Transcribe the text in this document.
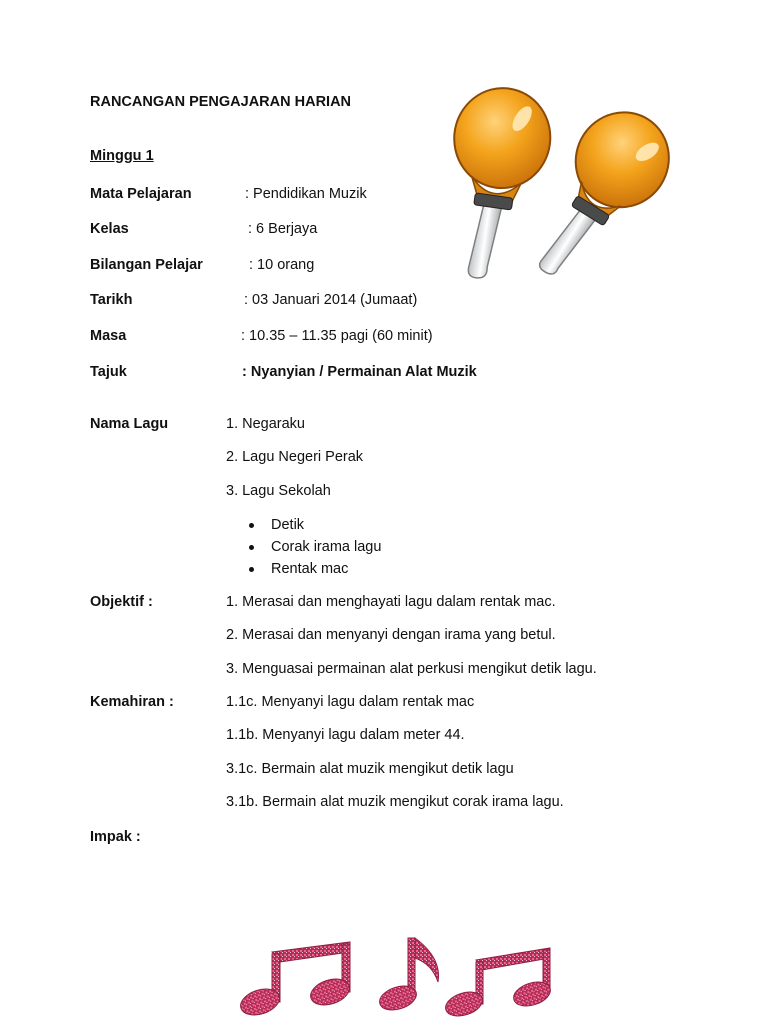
RANCANGAN PENGAJARAN HARIAN
Minggu 1
Mata Pelajaran	: Pendidikan Muzik
Kelas	: 6 Berjaya
Bilangan Pelajar	: 10 orang
Tarikh	: 03 Januari 2014 (Jumaat)
Masa	: 10.35 – 11.35 pagi (60 minit)
Tajuk	: Nyanyian / Permainan Alat Muzik
Nama Lagu	1. Negaraku
2. Lagu Negeri Perak
3. Lagu Sekolah
Detik
Corak irama lagu
Rentak mac
Objektif :	1. Merasai dan menghayati lagu dalam rentak mac.
2. Merasai dan menyanyi dengan irama yang betul.
3. Menguasai permainan alat perkusi mengikut detik lagu.
Kemahiran :	1.1c. Menyanyi lagu dalam rentak mac
1.1b. Menyanyi lagu dalam meter 44.
3.1c. Bermain alat muzik mengikut detik lagu
3.1b. Bermain alat muzik mengikut corak irama lagu.
Impak :
